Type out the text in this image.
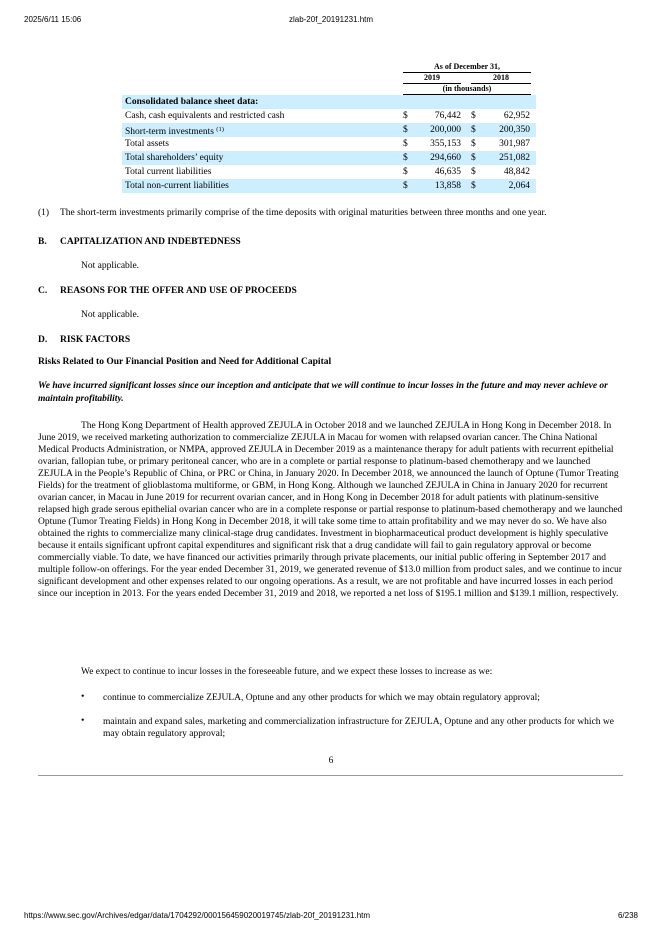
2025/6/11 15:06	zlab-20f_20191231.htm
As of December 31,
2019	2018
(in thousands)
Consolidated balance sheet data:
Cash, cash equivalents and restricted cash	$	76,442 $	62,952
Short-term investments $^{(1)}$	$ 200,000 $ 200,350
Total assets	$ 355,153 $ 301,987
Total shareholders’ equity	$ 294,660 $ 251,082
Total current liabilities	$	46,635 $	48,842
Total non-current liabilities	$	13,858 $	2,064
(1) The short-term investments primarily comprise of the time deposits with original maturities between three months and one year.
B. CAPITALIZATION AND INDEBTEDNESS
Not applicable.
C. REASONS FOR THE OFFER AND USE OF PROCEEDS
Not applicable.
D. RISK FACTORS
Risks Related to Our Financial Position and Need for Additional Capital
We have incurred significant losses since our inception and anticipate that we will continue to incur losses in the future and may never achieve or maintain profitability.
The Hong Kong Department of Health approved ZEJULA in October 2018 and we launched ZEJULA in Hong Kong in December 2018. In June 2019, we received marketing authorization to commercialize ZEJULA in Macau for women with relapsed ovarian cancer. The China National Medical Products Administration, or NMPA, approved ZEJULA in December 2019 as a maintenance therapy for adult patients with recurrent epithelial ovarian, fallopian tube, or primary peritoneal cancer, who are in a complete or partial response to platinum-based chemotherapy and we launched ZEJULA in the People’s Republic of China, or PRC or China, in January 2020. In December 2018, we announced the launch of Optune (Tumor Treating Fields) for the treatment of glioblastoma multiforme, or GBM, in Hong Kong. Although we launched ZEJULA in China in January 2020 for recurrent ovarian cancer, in Macau in June 2019 for recurrent ovarian cancer, and in Hong Kong in December 2018 for adult patients with platinum-sensitive relapsed high grade serous epithelial ovarian cancer who are in a complete response or partial response to platinum-based chemotherapy and we launched Optune (Tumor Treating Fields) in Hong Kong in December 2018, it will take some time to attain profitability and we may never do so. We have also obtained the rights to commercialize many clinical-stage drug candidates. Investment in biopharmaceutical product development is highly speculative because it entails significant upfront capital expenditures and significant risk that a drug candidate will fail to gain regulatory approval or become commercially viable. To date, we have financed our activities primarily through private placements, our initial public offering in September 2017 and multiple follow-on offerings. For the year ended December 31, 2019, we generated revenue of $13.0 million from product sales, and we continue to incur significant development and other expenses related to our ongoing operations. As a result, we are not profitable and have incurred losses in each period since our inception in 2013. For the years ended December 31, 2019 and 2018, we reported a net loss of $195.1 million and $139.1 million, respectively.
We expect to continue to incur losses in the foreseeable future, and we expect these losses to increase as we:
• continue to commercialize ZEJULA, Optune and any other products for which we may obtain regulatory approval;
• maintain and expand sales, marketing and commercialization infrastructure for ZEJULA, Optune and any other products for which we may obtain regulatory approval;
6
https://www.sec.gov/Archives/edgar/data/1704292/000156459020019745/zlab-20f_20191231.htm	6/238
